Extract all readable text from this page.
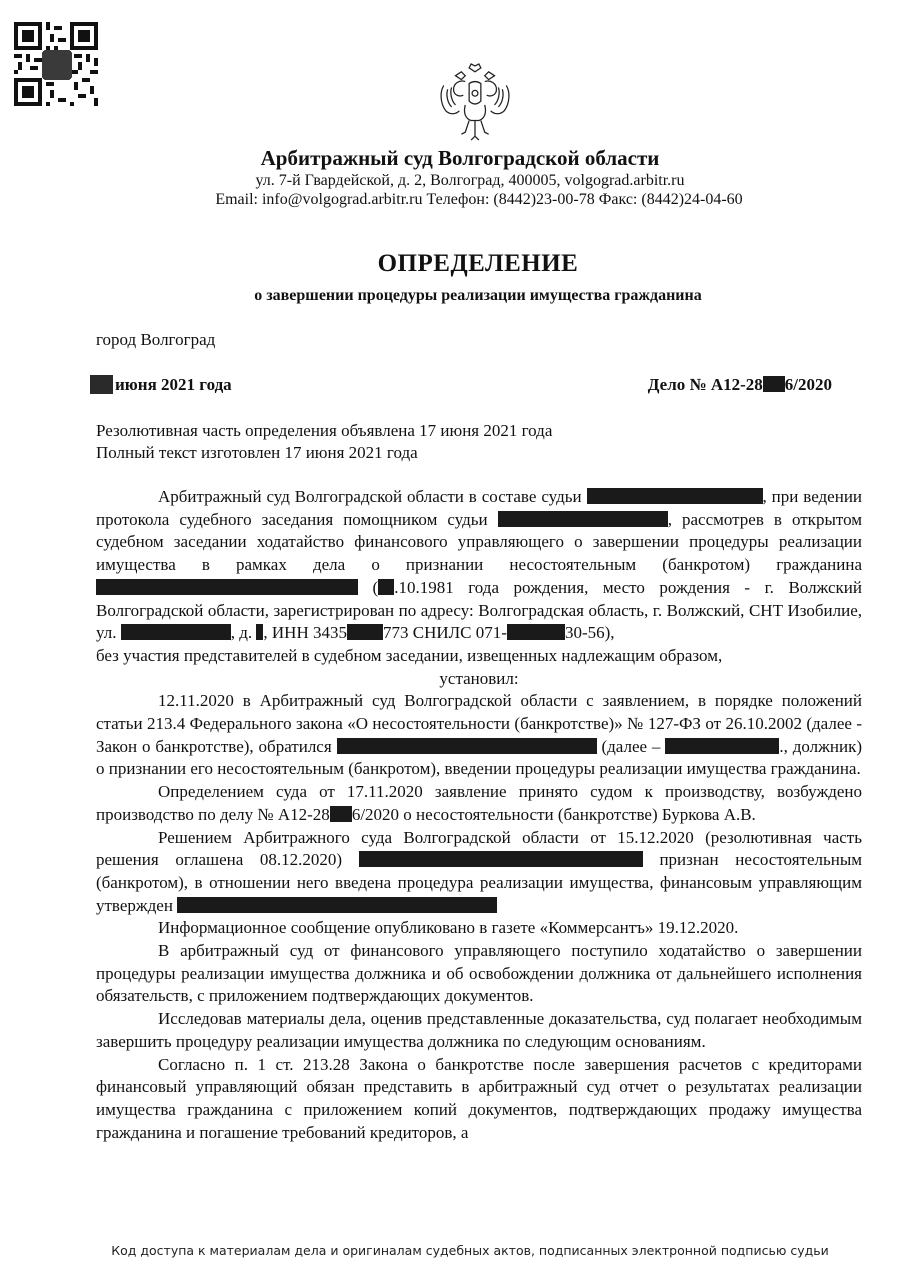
Арбитражный суд Волгоградской области
ул. 7-й Гвардейской, д. 2, Волгоград, 400005, volgograd.arbitr.ru
Email: info@volgograd.arbitr.ru Телефон: (8442)23-00-78 Факс: (8442)24-04-60
ОПРЕДЕЛЕНИЕ
о завершении процедуры реализации имущества гражданина
город Волгоград
17 июня 2021 года	Дело № А12-28 6/2020
Резолютивная часть определения объявлена 17 июня 2021 года
Полный текст изготовлен 17 июня 2021 года

Арбитражный суд Волгоградской области в составе судьи	, при ведении протокола судебного заседания помощником судьи	, рассмотрев в открытом судебном заседании ходатайство финансового управляющего о завершении процедуры реализации имущества в рамках дела о признании несостоятельным (банкротом) гражданина  ( .10.1981 года рождения, место рождения - г. Волжский Волгоградской области, зарегистрирован по адресу: Волгоградская область, г. Волжский, СНТ Изобилие, ул.	, д. , ИНН 3435 773 СНИЛС 071-	30-56),

без участия представителей в судебном заседании, извещенных надлежащим образом,

установил:

12.11.2020 в Арбитражный суд Волгоградской области с заявлением, в порядке положений статьи 213.4 Федерального закона «О несостоятельности (банкротстве)» № 127-ФЗ от 26.10.2002 (далее - Закон о банкротстве), обратился	(далее –	., должник) о признании его несостоятельным (банкротом), введении процедуры реализации имущества гражданина.

Определением суда от 17.11.2020 заявление принято судом к производству, возбуждено производство по делу № А12-28 6/2020 о несостоятельности (банкротстве) Буркова А.В.

Решением Арбитражного суда Волгоградской области от 15.12.2020 (резолютивная часть решения оглашена 08.12.2020)	признан несостоятельным (банкротом), в отношении него введена процедура реализации имущества, финансовым управляющим утвержден

Информационное сообщение опубликовано в газете «Коммерсантъ» 19.12.2020.

В арбитражный суд от финансового управляющего поступило ходатайство о завершении процедуры реализации имущества должника и об освобождении должника от дальнейшего исполнения обязательств, с приложением подтверждающих документов.

Исследовав материалы дела, оценив представленные доказательства, суд полагает необходимым завершить процедуру реализации имущества должника по следующим основаниям.

Согласно п. 1 ст. 213.28 Закона о банкротстве после завершения расчетов с кредиторами финансовый управляющий обязан представить в арбитражный суд отчет о результатах реализации имущества гражданина с приложением копий документов, подтверждающих продажу имущества гражданина и погашение требований кредиторов, а

Код доступа к материалам дела и оригиналам судебных актов, подписанных электронной подписью судьи
